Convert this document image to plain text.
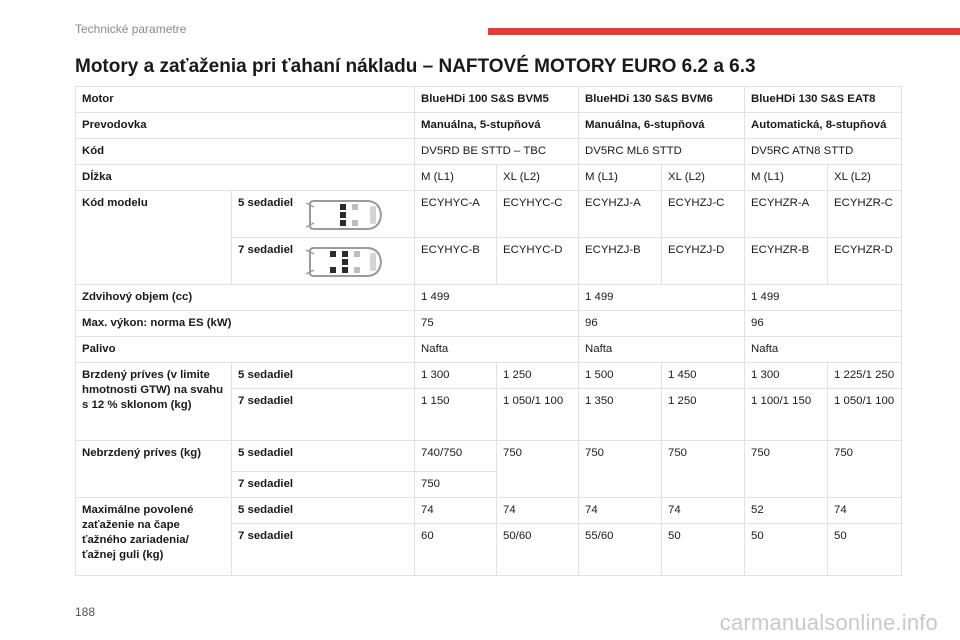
Technické parametre
Motory a zaťaženia pri ťahaní nákladu – NAFTOVÉ MOTORY EURO 6.2 a 6.3
Motor		BlueHDi 100 S&S BVM5		BlueHDi 130 S&S BVM6		BlueHDi 130 S&S EAT8	
Prevodovka		Manuálna, 5-stupňová		Manuálna, 6-stupňová		Automatická, 8-stupňová	
Kód		DV5RD BE STTD – TBC		DV5RC ML6 STTD		DV5RC ATN8 STTD	
Dĺžka		M (L1)	XL (L2)	M (L1)	XL (L2)	M (L1)	XL (L2)
Kód modelu	5 sedadiel	ECYHYC-A	ECYHYC-C	ECYHZJ-A	ECYHZJ-C	ECYHZR-A	ECYHZR-C
	7 sedadiel	ECYHYC-B	ECYHYC-D	ECYHZJ-B	ECYHZJ-D	ECYHZR-B	ECYHZR-D
Zdvihový objem (cc)		1 499		1 499		1 499	
Max. výkon: norma ES (kW)		75		96		96	
Palivo		Nafta		Nafta		Nafta	
Brzdený príves (v limite hmotnosti GTW) na svahu s 12 % sklonom (kg)	5 sedadiel	1 300	1 250	1 500	1 450	1 300	1 225/1 250
	7 sedadiel	1 150	1 050/1 100	1 350	1 250	1 100/1 150	1 050/1 100
Nebrzdený príves (kg)	5 sedadiel	740/750	750	750	750	750	750
	7 sedadiel	750					
Maximálne povolené zaťaženie na čape ťažného zariadenia/ ťažnej guli (kg)	5 sedadiel	74	74	74	74	52	74
	7 sedadiel	60	50/60	55/60	50	50	50
188	carmanualsonline.info
